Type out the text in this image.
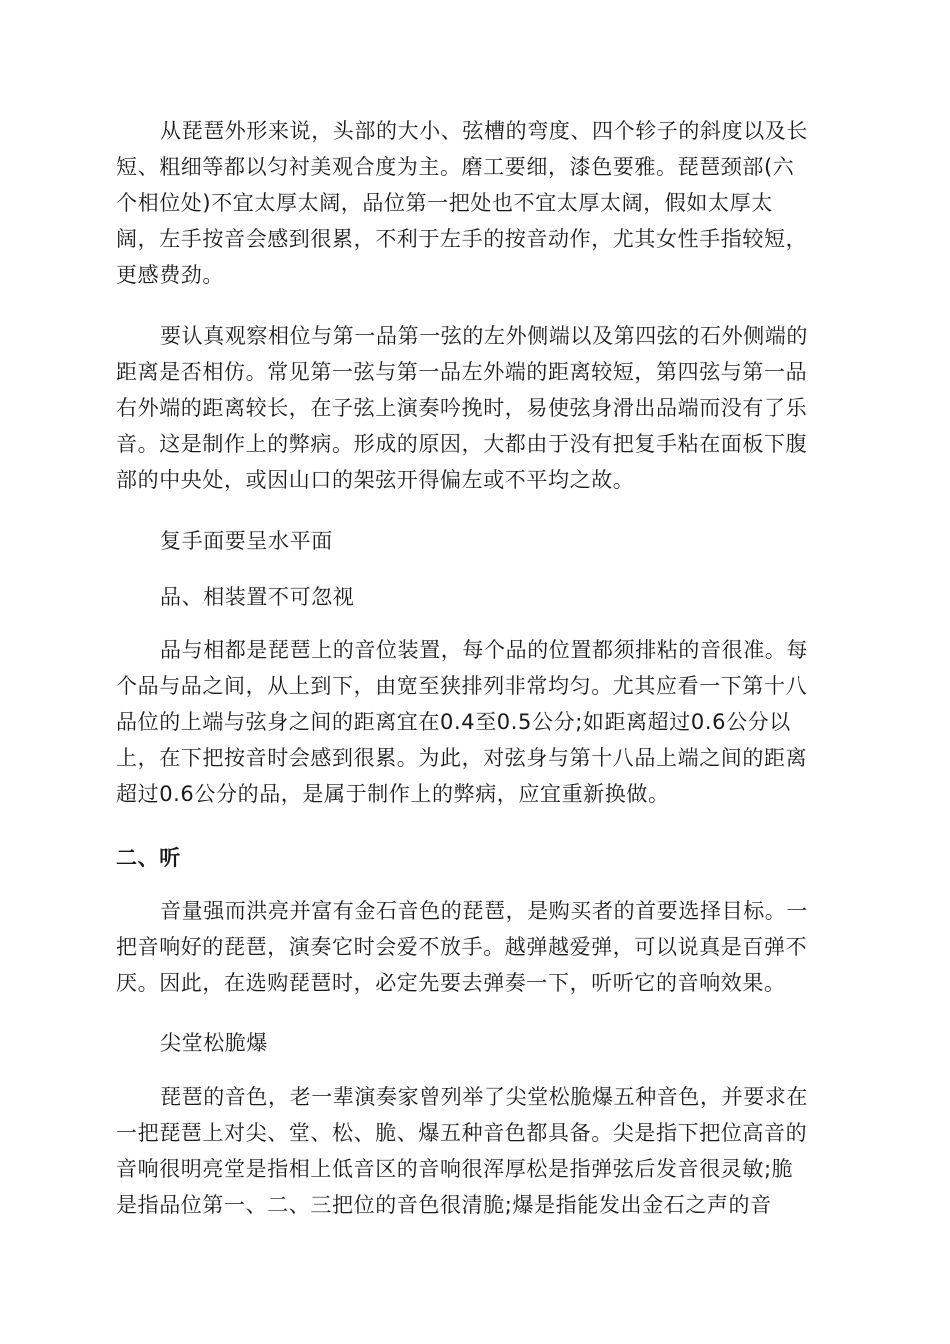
从琵琶外形来说，头部的大小、弦槽的弯度、四个轸子的斜度以及长
短、粗细等都以匀衬美观合度为主。磨工要细，漆色要雅。琵琶颈部(六
个相位处)不宜太厚太阔，品位第一把处也不宜太厚太阔，假如太厚太
阔，左手按音会感到很累，不利于左手的按音动作，尤其女性手指较短，
更感费劲。
要认真观察相位与第一品第一弦的左外侧端以及第四弦的石外侧端的
距离是否相仿。常见第一弦与第一品左外端的距离较短，第四弦与第一品
右外端的距离较长，在子弦上演奏吟挽时，易使弦身滑出品端而没有了乐
音。这是制作上的弊病。形成的原因，大都由于没有把复手粘在面板下腹
部的中央处，或因山口的架弦开得偏左或不平均之故。
复手面要呈水平面
品、相装置不可忽视
品与相都是琵琶上的音位装置，每个品的位置都须排粘的音很准。每
个品与品之间，从上到下，由宽至狭排列非常均匀。尤其应看一下第十八
品位的上端与弦身之间的距离宜在0.4至0.5公分;如距离超过0.6公分以
上，在下把按音时会感到很累。为此，对弦身与第十八品上端之间的距离
超过0.6公分的品，是属于制作上的弊病，应宜重新换做。
二、听
音量强而洪亮并富有金石音色的琵琶，是购买者的首要选择目标。一
把音响好的琵琶，演奏它时会爱不放手。越弹越爱弹，可以说真是百弹不
厌。因此，在选购琵琶时，必定先要去弹奏一下，听听它的音响效果。
尖堂松脆爆
琵琶的音色，老一辈演奏家曾列举了尖堂松脆爆五种音色，并要求在
一把琵琶上对尖、堂、松、脆、爆五种音色都具备。尖是指下把位高音的
音响很明亮堂是指相上低音区的音响很浑厚松是指弹弦后发音很灵敏;脆
是指品位第一、二、三把位的音色很清脆;爆是指能发出金石之声的音
